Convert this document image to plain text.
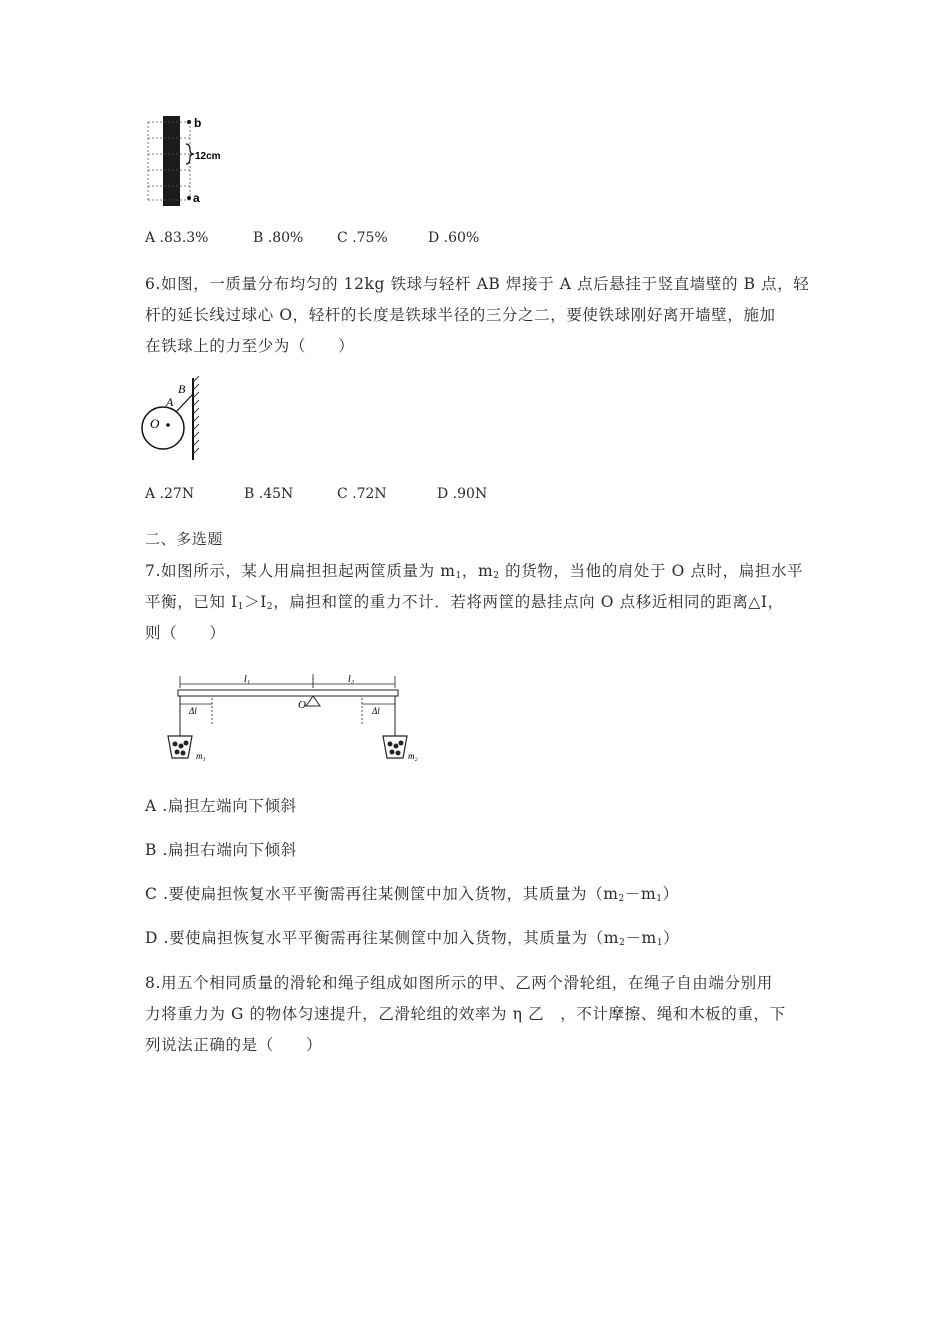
b
a
12cm
A .83.3%	B .80% C .75%	D .60%
6.如图，一质量分布均匀的 12kg 铁球与轻杆 AB 焊接于 A 点后悬挂于竖直墙壁的 B 点，轻
杆的延长线过球心 O，轻杆的长度是铁球半径的三分之二，要使铁球刚好离开墙壁，施加
在铁球上的力至少为（　　）
B
A
O
A .27N	B .45N	C .72N	D .90N
二、多选题
7.如图所示，某人用扁担担起两筐质量为 $m_1$，$m_2$ 的货物，当他的肩处于 O 点时，扁担水平
平衡，已知 $I_1>I_2$，扁担和筐的重力不计．若将两筐的悬挂点向 O 点移近相同的距离△I，
则（　　）
l₁	l₂
O
Δl	Δl
m₁	m₂
A .扁担左端向下倾斜
B .扁担右端向下倾斜
C .要使扁担恢复水平平衡需再往某侧筐中加入货物，其质量为$(m_2-m_1)$
D .要使扁担恢复水平平衡需再往某侧筐中加入货物，其质量为$(m_2-m_1)$
8.用五个相同质量的滑轮和绳子组成如图所示的甲、乙两个滑轮组，在绳子自由端分别用
力将重力为 G 的物体匀速提升，乙滑轮组的效率为 η 乙　，不计摩擦、绳和木板的重，下
列说法正确的是（　　）
